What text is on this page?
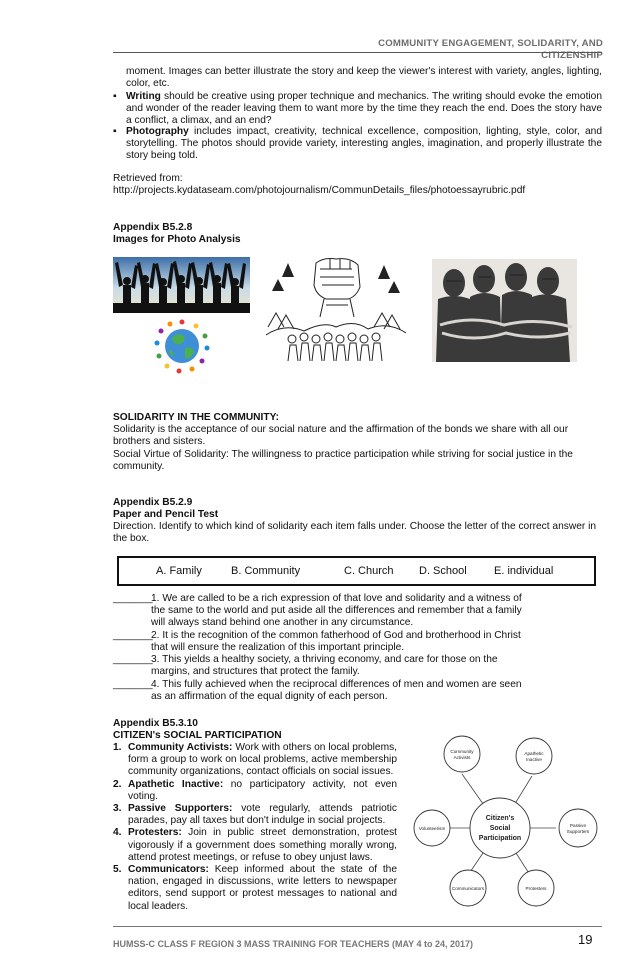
COMMUNITY ENGAGEMENT, SOLIDARITY, AND CITIZENSHIP
moment. Images can better illustrate the story and keep the viewer's interest with variety, angles, lighting, color, etc.
▪ Writing should be creative using proper technique and mechanics. The writing should evoke the emotion and wonder of the reader leaving them to want more by the time they reach the end. Does the story have a conflict, a climax, and an end?
▪ Photography includes impact, creativity, technical excellence, composition, lighting, style, color, and storytelling. The photos should provide variety, interesting angles, imagination, and properly illustrate the story being told.
Retrieved from:
http://projects.kydataseam.com/photojournalism/CommunDetails_files/photoessayrubric.pdf
Appendix B5.2.8
Images for Photo Analysis
SOLIDARITY IN THE COMMUNITY:
Solidarity is the acceptance of our social nature and the affirmation of the bonds we share with all our brothers and sisters.
Social Virtue of Solidarity: The willingness to practice participation while striving for social justice in the community.
Appendix B5.2.9
Paper and Pencil Test
Direction. Identify to which kind of solidarity each item falls under. Choose the letter of the correct answer in the box.
A. Family	B. Community	C. Church D. School E. individual
_______
1. We are called to be a rich expression of that love and solidarity and a witness of the same to the world and put aside all the differences and remember that a family will always stand behind one another in any circumstance.
_______
2. It is the recognition of the common fatherhood of God and brotherhood in Christ that will ensure the realization of this important principle.
_______
3. This yields a healthy society, a thriving economy, and care for those on the margins, and structures that protect the family.
_______
4. This fully achieved when the reciprocal differences of men and women are seen as an affirmation of the equal dignity of each person.
Appendix B5.3.10
CITIZEN's SOCIAL PARTICIPATION
1. Community Activists: Work with others on local problems, form a group to work on local problems, active membership community organizations, contact officials on social issues.
2. Apathetic Inactive: no participatory activity, not even voting.
3. Passive Supporters: vote regularly, attends patriotic parades, pay all taxes but don't indulge in social projects.
4. Protesters: Join in public street demonstration, protest vigorously if a government does something morally wrong, attend protest meetings, or refuse to obey unjust laws.
5. Communicators: Keep informed about the state of the nation, engaged in discussions, write letters to newspaper editors, send support or protest messages to national and local leaders.
Community
Activists
Apathetic
Inactive
Volunteerism
Passive
Supporters
Communicators	Protesters
Citizen's
Social
Participation
HUMSS-C CLASS F REGION 3 MASS TRAINING FOR TEACHERS (MAY 4 to 24, 2017)	19
